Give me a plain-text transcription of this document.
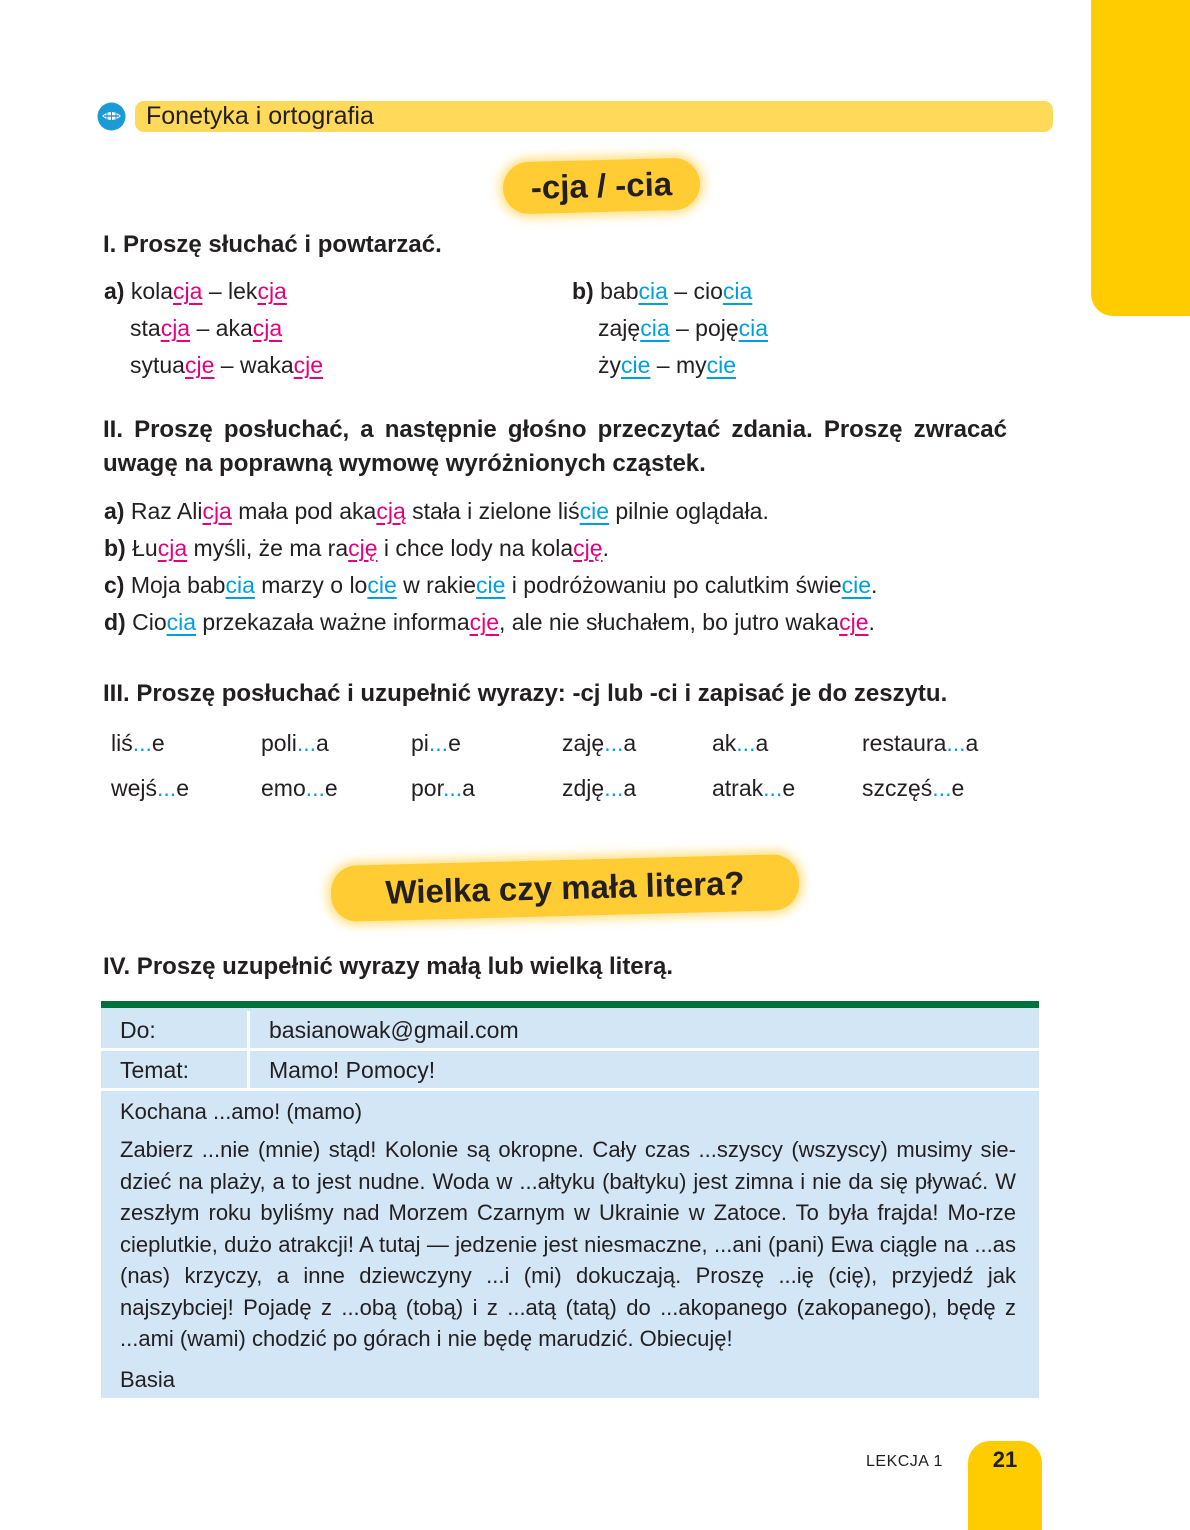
Fonetyka i ortografia
-cja / -cia
I. Proszę słuchać i powtarzać.
a) kolacja – lekcja
stacja – akacja
sytuacje – wakacje
b) babcia – ciocia
zajęcia – pojęcia
życie – mycie
II. Proszę posłuchać, a następnie głośno przeczytać zdania. Proszę zwracać uwagę na poprawną wymowę wyróżnionych cząstek.
a) Raz Alicja mała pod akacją stała i zielone liście pilnie oglądała.
b) Łucja myśli, że ma rację i chce lody na kolację.
c) Moja babcia marzy o locie w rakiecie i podróżowaniu po calutkim świecie.
d) Ciocia przekazała ważne informacje, ale nie słuchałem, bo jutro wakacje.
III. Proszę posłuchać i uzupełnić wyrazy: -cj lub -ci i zapisać je do zeszytu.
liś...e	poli...a	pi...e	zaję...a	ak...a	restaura...a
wejś...e	emo...e	por...a	zdję...a	atrak...e	szczęś...e
Wielka czy mała litera?
IV. Proszę uzupełnić wyrazy małą lub wielką literą.
Do:	basianowak@gmail.com
Temat:	Mamo! Pomocy!
Kochana ...amo! (mamo)
Zabierz ...nie (mnie) stąd! Kolonie są okropne. Cały czas ...szyscy (wszyscy) musimy sie-dzieć na plaży, a to jest nudne. Woda w ...ałtyku (bałtyku) jest zimna i nie da się pływać. W zeszłym roku byliśmy nad Morzem Czarnym w Ukrainie w Zatoce. To była frajda! Mo-rze cieplutkie, dużo atrakcji! A tutaj — jedzenie jest niesmaczne, ...ani (pani) Ewa ciągle na ...as (nas) krzyczy, a inne dziewczyny ...i (mi) dokuczają. Proszę ...ię (cię), przyjedź jak najszybciej! Pojadę z ...obą (tobą) i z ...atą (tatą) do ...akopanego (zakopanego), będę z ...ami (wami) chodzić po górach i nie będę marudzić. Obiecuję!
Basia
LEKCJA 1	21
